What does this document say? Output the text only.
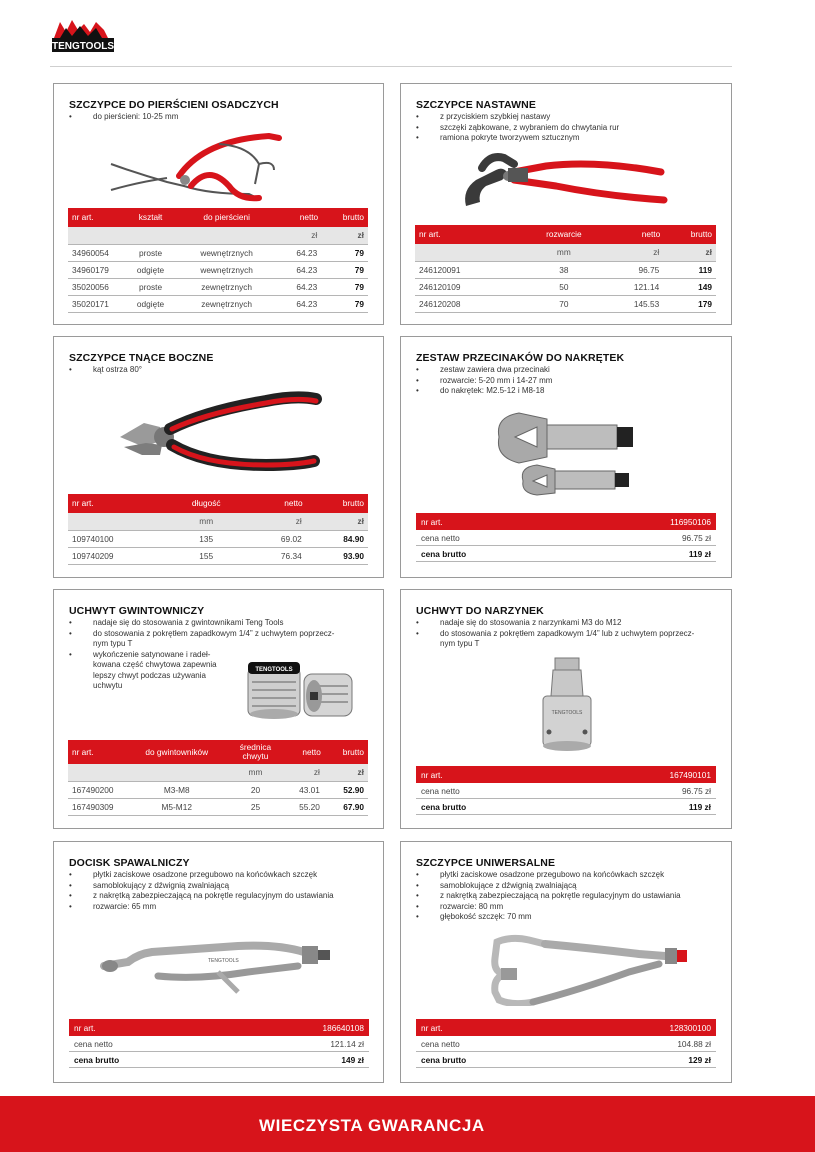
TENGTOOLS
SZCZYPCE DO PIERŚCIENI OSADCZYCH
• do pierścieni: 10-25 mm
nr art.	kształt	do pierścieni	netto	brutto
			zł	zł
34960054	proste	wewnętrznych	64.23	79
34960179	odgięte	wewnętrznych	64.23	79
35020056	proste	zewnętrznych	64.23	79
35020171	odgięte	zewnętrznych	64.23	79
SZCZYPCE NASTAWNE
• z przyciskiem szybkiej nastawy
• szczęki ząbkowane, z wybraniem do chwytania rur
• ramiona pokryte tworzywem sztucznym
nr art.	rozwarcie	netto	brutto
	mm	zł	zł
246120091	38	96.75	119
246120109	50	121.14	149
246120208	70	145.53	179
SZCZYPCE TNĄCE BOCZNE
• kąt ostrza 80°
nr art.	długość	netto	brutto
	mm	zł	zł
109740100	135	69.02	84.90
109740209	155	76.34	93.90
ZESTAW PRZECINAKÓW DO NAKRĘTEK
• zestaw zawiera dwa przecinaki
• rozwarcie: 5-20 mm i 14-27 mm
• do nakrętek: M2.5-12 i M8-18
nr art.	116950106
cena netto	96.75 zł
cena brutto	119 zł
UCHWYT GWINTOWNICZY
• nadaje się do stosowania z gwintownikami Teng Tools
• do stosowania z pokrętłem zapadkowym 1/4” z uchwytem poprzecz-
nym typu T
• wykończenie satynowane i radeł-
kowana część chwytowa zapewnia
lepszy chwyt podczas używania
uchwytu
TENGTOOLS
nr art.	do gwintowników	średnica chwytu	netto	brutto
		mm	zł	zł
167490200	M3-M8	20	43.01	52.90
167490309	M5-M12	25	55.20	67.90
UCHWYT DO NARZYNEK
• nadaje się do stosowania z narzynkami M3 do M12
• do stosowania z pokrętłem zapadkowym 1/4” lub z uchwytem poprzecz-
nym typu T
TENGTOOLS
nr art.	167490101
cena netto	96.75 zł
cena brutto	119 zł
DOCISK SPAWALNICZY
• płytki zaciskowe osadzone przegubowo na końcówkach szczęk
• samoblokujący z dźwignią zwalniającą
• z nakrętką zabezpieczającą na pokrętle regulacyjnym do ustawiania
• rozwarcie: 65 mm
TENGTOOLS
nr art.	186640108
cena netto	121.14 zł
cena brutto	149 zł
SZCZYPCE UNIWERSALNE
• płytki zaciskowe osadzone przegubowo na końcówkach szczęk
• samoblokujące z dźwignią zwalniającą
• z nakrętką zabezpieczającą na pokrętle regulacyjnym do ustawiania
• rozwarcie: 80 mm
• głębokość szczęk: 70 mm
nr art.	128300100
cena netto	104.88 zł
cena brutto	129 zł
WIECZYSTA GWARANCJA
